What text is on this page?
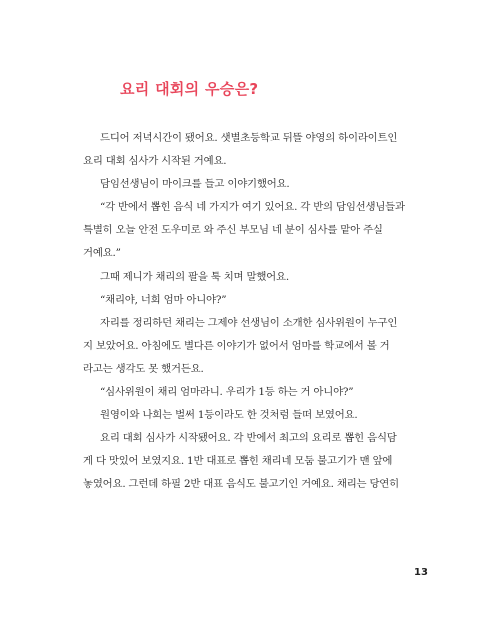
요리 대회의 우승은?
드디어 저녁시간이 됐어요. 샛별초등학교 뒤뜰 야영의 하이라이트인
요리 대회 심사가 시작된 거예요.
담임선생님이 마이크를 들고 이야기했어요.
“각 반에서 뽑힌 음식 네 가지가 여기 있어요. 각 반의 담임선생님들과
특별히 오늘 안전 도우미로 와 주신 부모님 네 분이 심사를 맡아 주실
거예요.”
그때 제니가 채리의 팔을 툭 치며 말했어요.
“채리야, 너희 엄마 아니야?”
자리를 정리하던 채리는 그제야 선생님이 소개한 심사위원이 누구인
지 보았어요. 아침에도 별다른 이야기가 없어서 엄마를 학교에서 볼 거
라고는 생각도 못 했거든요.
“심사위원이 채리 엄마라니. 우리가 1등 하는 거 아니야?”
원영이와 나희는 벌써 1등이라도 한 것처럼 들떠 보였어요.
요리 대회 심사가 시작됐어요. 각 반에서 최고의 요리로 뽑힌 음식담
게 다 맛있어 보였지요. 1반 대표로 뽑힌 채리네 모둠 불고기가 맨 앞에
놓였어요. 그런데 하필 2반 대표 음식도 불고기인 거예요. 채리는 당연히
13
